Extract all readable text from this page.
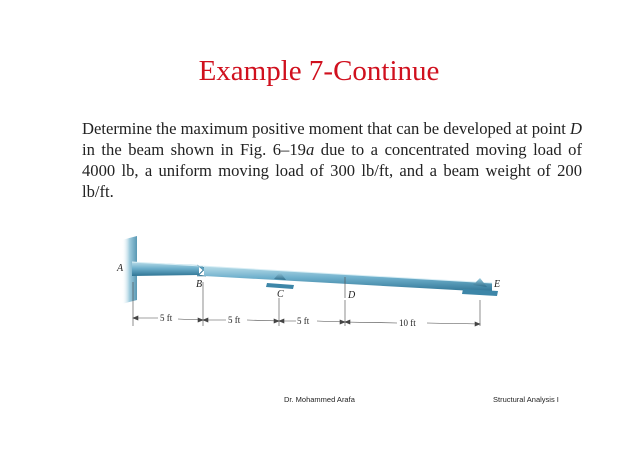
Example 7-Continue

Determine the maximum positive moment that can be developed at point D in the beam shown in Fig. 6–19a due to a concentrated moving load of 4000 lb, a uniform moving load of 300 lb/ft, and a beam weight of 200 lb/ft.

A
B
C	D
E
5 ft	5 ft	5 ft	10 ft
Dr. Mohammed Arafa	Structural Analysis I
